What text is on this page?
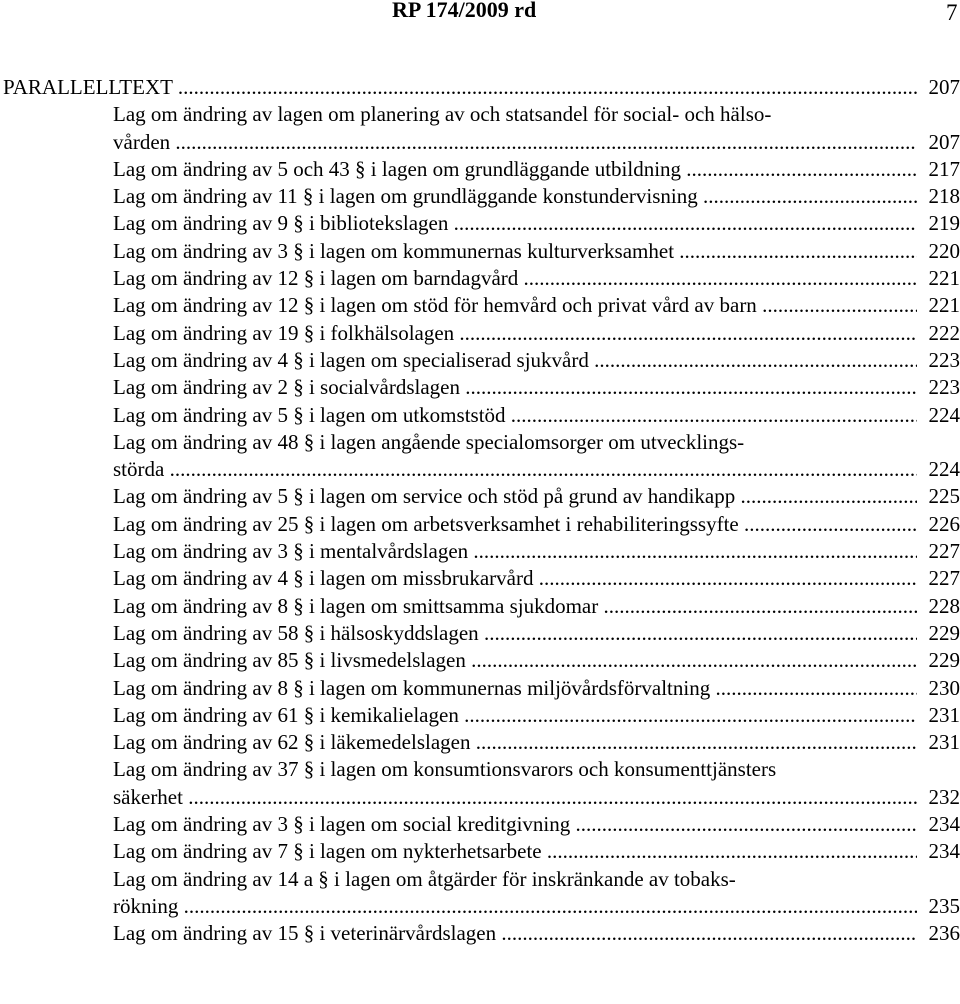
RP 174/2009 rd	7
PARALLELLTEXT .....	207
Lag om ändring av lagen om planering av och statsandel för social- och hälso-
vården .....	207
Lag om ändring av 5 och 43 § i lagen om grundläggande utbildning .....	217
Lag om ändring av 11 § i lagen om grundläggande konstundervisning .....	218
Lag om ändring av 9 § i bibliotekslagen .....	219
Lag om ändring av 3 § i lagen om kommunernas kulturverksamhet .....	220
Lag om ändring av 12 § i lagen om barndagvård .....	221
Lag om ändring av 12 § i lagen om stöd för hemvård och privat vård av barn .....	221
Lag om ändring av 19 § i folkhälsolagen .....	222
Lag om ändring av 4 § i lagen om specialiserad sjukvård .....	223
Lag om ändring av 2 § i socialvårdslagen .....	223
Lag om ändring av 5 § i lagen om utkomststöd .....	224
Lag om ändring av 48 § i lagen angående specialomsorger om utvecklings-
störda .....	224
Lag om ändring av 5 § i lagen om service och stöd på grund av handikapp .....	225
Lag om ändring av 25 § i lagen om arbetsverksamhet i rehabiliteringssyfte .....	226
Lag om ändring av 3 § i mentalvårdslagen .....	227
Lag om ändring av 4 § i lagen om missbrukarvård .....	227
Lag om ändring av 8 § i lagen om smittsamma sjukdomar .....	228
Lag om ändring av 58 § i hälsoskyddslagen .....	229
Lag om ändring av 85 § i livsmedelslagen .....	229
Lag om ändring av 8 § i lagen om kommunernas miljövårdsförvaltning .....	230
Lag om ändring av 61 § i kemikalielagen .....	231
Lag om ändring av 62 § i läkemedelslagen .....	231
Lag om ändring av 37 § i lagen om konsumtionsvarors och konsumenttjänsters
säkerhet .....	232
Lag om ändring av 3 § i lagen om social kreditgivning .....	234
Lag om ändring av 7 § i lagen om nykterhetsarbete .....	234
Lag om ändring av 14 a § i lagen om åtgärder för inskränkande av tobaks-
rökning .....	235
Lag om ändring av 15 § i veterinärvårdslagen .....	236
